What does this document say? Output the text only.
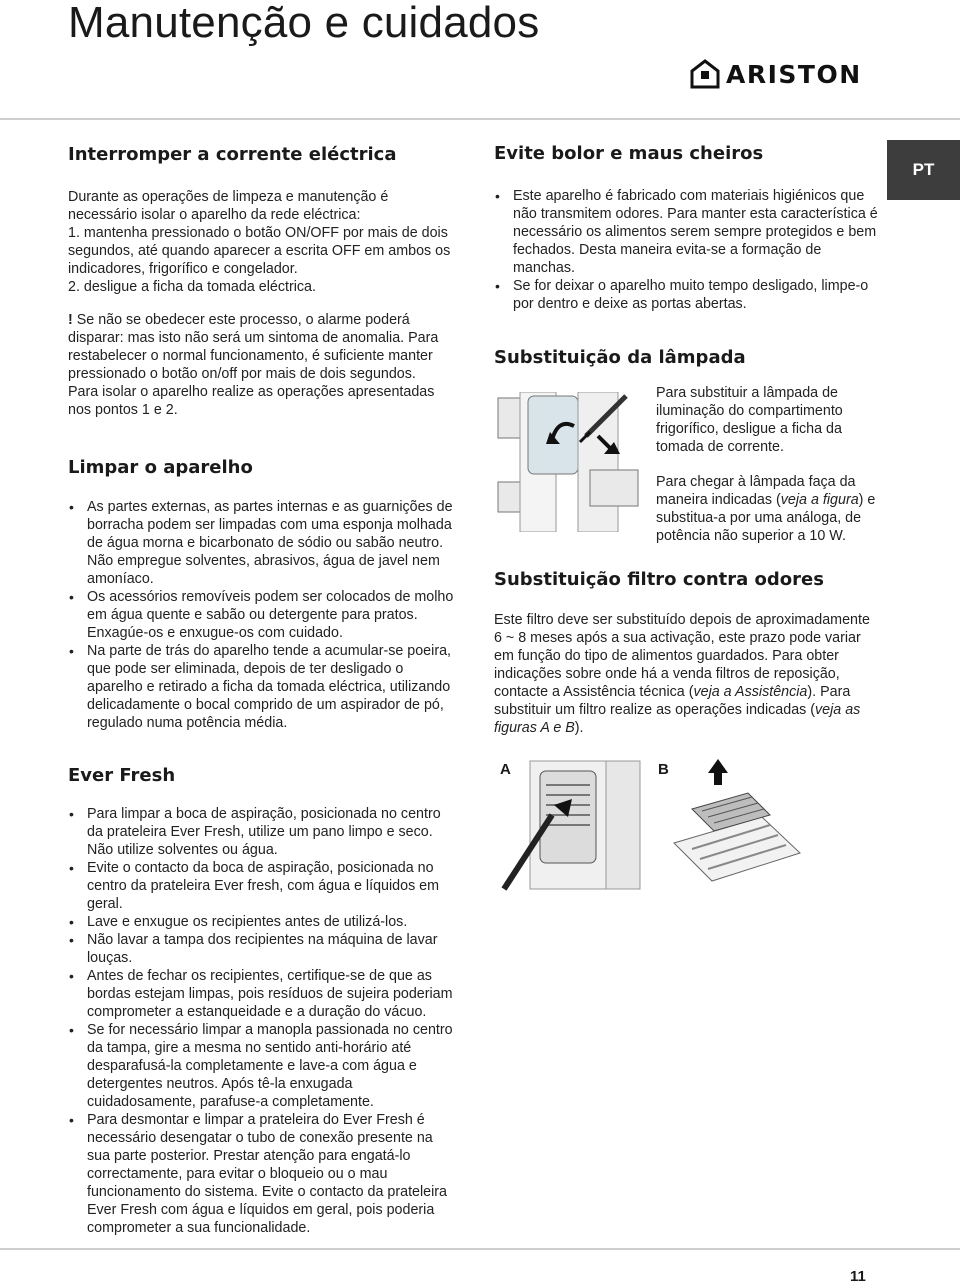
Manutenção e cuidados
ARISTON
PT
Interromper a corrente eléctrica

Durante as operações de limpeza e manutenção é

necessário isolar o aparelho da rede eléctrica:

1. mantenha pressionado o botão ON/OFF por mais de dois

segundos, até quando aparecer a escrita OFF em ambos os

indicadores, frigorífico e congelador.

2. desligue a ficha da tomada eléctrica.

! Se não se obedecer este processo, o alarme poderá

disparar: mas isto não será um sintoma de anomalia. Para

restabelecer o normal funcionamento, é suficiente manter

pressionado o botão on/off por mais de dois segundos.

Para isolar o aparelho realize as operações apresentadas

nos pontos 1 e 2.

Limpar o aparelho
• As partes externas, as partes internas e as guarnições de borracha podem ser limpadas com uma esponja molhada de água morna e bicarbonato de sódio ou sabão neutro. Não empregue solventes, abrasivos, água de javel nem amoníaco.
• Os acessórios removíveis podem ser colocados de molho em água quente e sabão ou detergente para pratos. Enxagúe-os e enxugue-os com cuidado.
• Na parte de trás do aparelho tende a acumular-se poeira, que pode ser eliminada, depois de ter desligado o aparelho e retirado a ficha da tomada eléctrica, utilizando delicadamente o bocal comprido de um aspirador de pó, regulado numa potência média.
Ever Fresh
• Para limpar a boca de aspiração, posicionada no centro da prateleira Ever Fresh, utilize um pano limpo e seco. Não utilize solventes ou água.
• Evite o contacto da boca de aspiração, posicionada no centro da prateleira Ever fresh, com água e líquidos em geral.
• Lave e enxugue os recipientes antes de utilizá-los.
• Não lavar a tampa dos recipientes na máquina de lavar louças.
• Antes de fechar os recipientes, certifique-se de que as bordas estejam limpas, pois resíduos de sujeira poderiam comprometer a estanqueidade e a duração do vácuo.
• Se for necessário limpar a manopla passionada no centro da tampa, gire a mesma no sentido anti-horário até desparafusá-la completamente e lave-a com água e detergentes neutros. Após tê-la enxugada cuidadosamente, parafuse-a completamente.
• Para desmontar e limpar a prateleira do Ever Fresh é necessário desengatar o tubo de conexão presente na sua parte posterior. Prestar atenção para engatá-lo correctamente, para evitar o bloqueio ou o mau funcionamento do sistema. Evite o contacto da prateleira Ever Fresh com água e líquidos em geral, pois poderia comprometer a sua funcionalidade.
Evite bolor e maus cheiros
• Este aparelho é fabricado com materiais higiénicos que não transmitem odores. Para manter esta característica é necessário os alimentos serem sempre protegidos e bem fechados. Desta maneira evita-se a formação de manchas.
• Se for deixar o aparelho muito tempo desligado, limpe-o por dentro e deixe as portas abertas.
Substituição da lâmpada

Para substituir a lâmpada de iluminação do compartimento frigorífico, desligue a ficha da tomada de corrente.

Para chegar à lâmpada faça da maneira indicadas (veja a figura) e substitua-a por uma análoga, de potência não superior a 10 W.

Substituição filtro contra odores

Este filtro deve ser substituído depois de aproximadamente 6 ~ 8 meses após a sua activação, este prazo pode variar em função do tipo de alimentos guardados. Para obter indicações sobre onde há a venda filtros de reposição, contacte a Assistência técnica (veja a Assistência). Para substituir um filtro realize as operações indicadas (veja as figuras A e B).

A	B
11
